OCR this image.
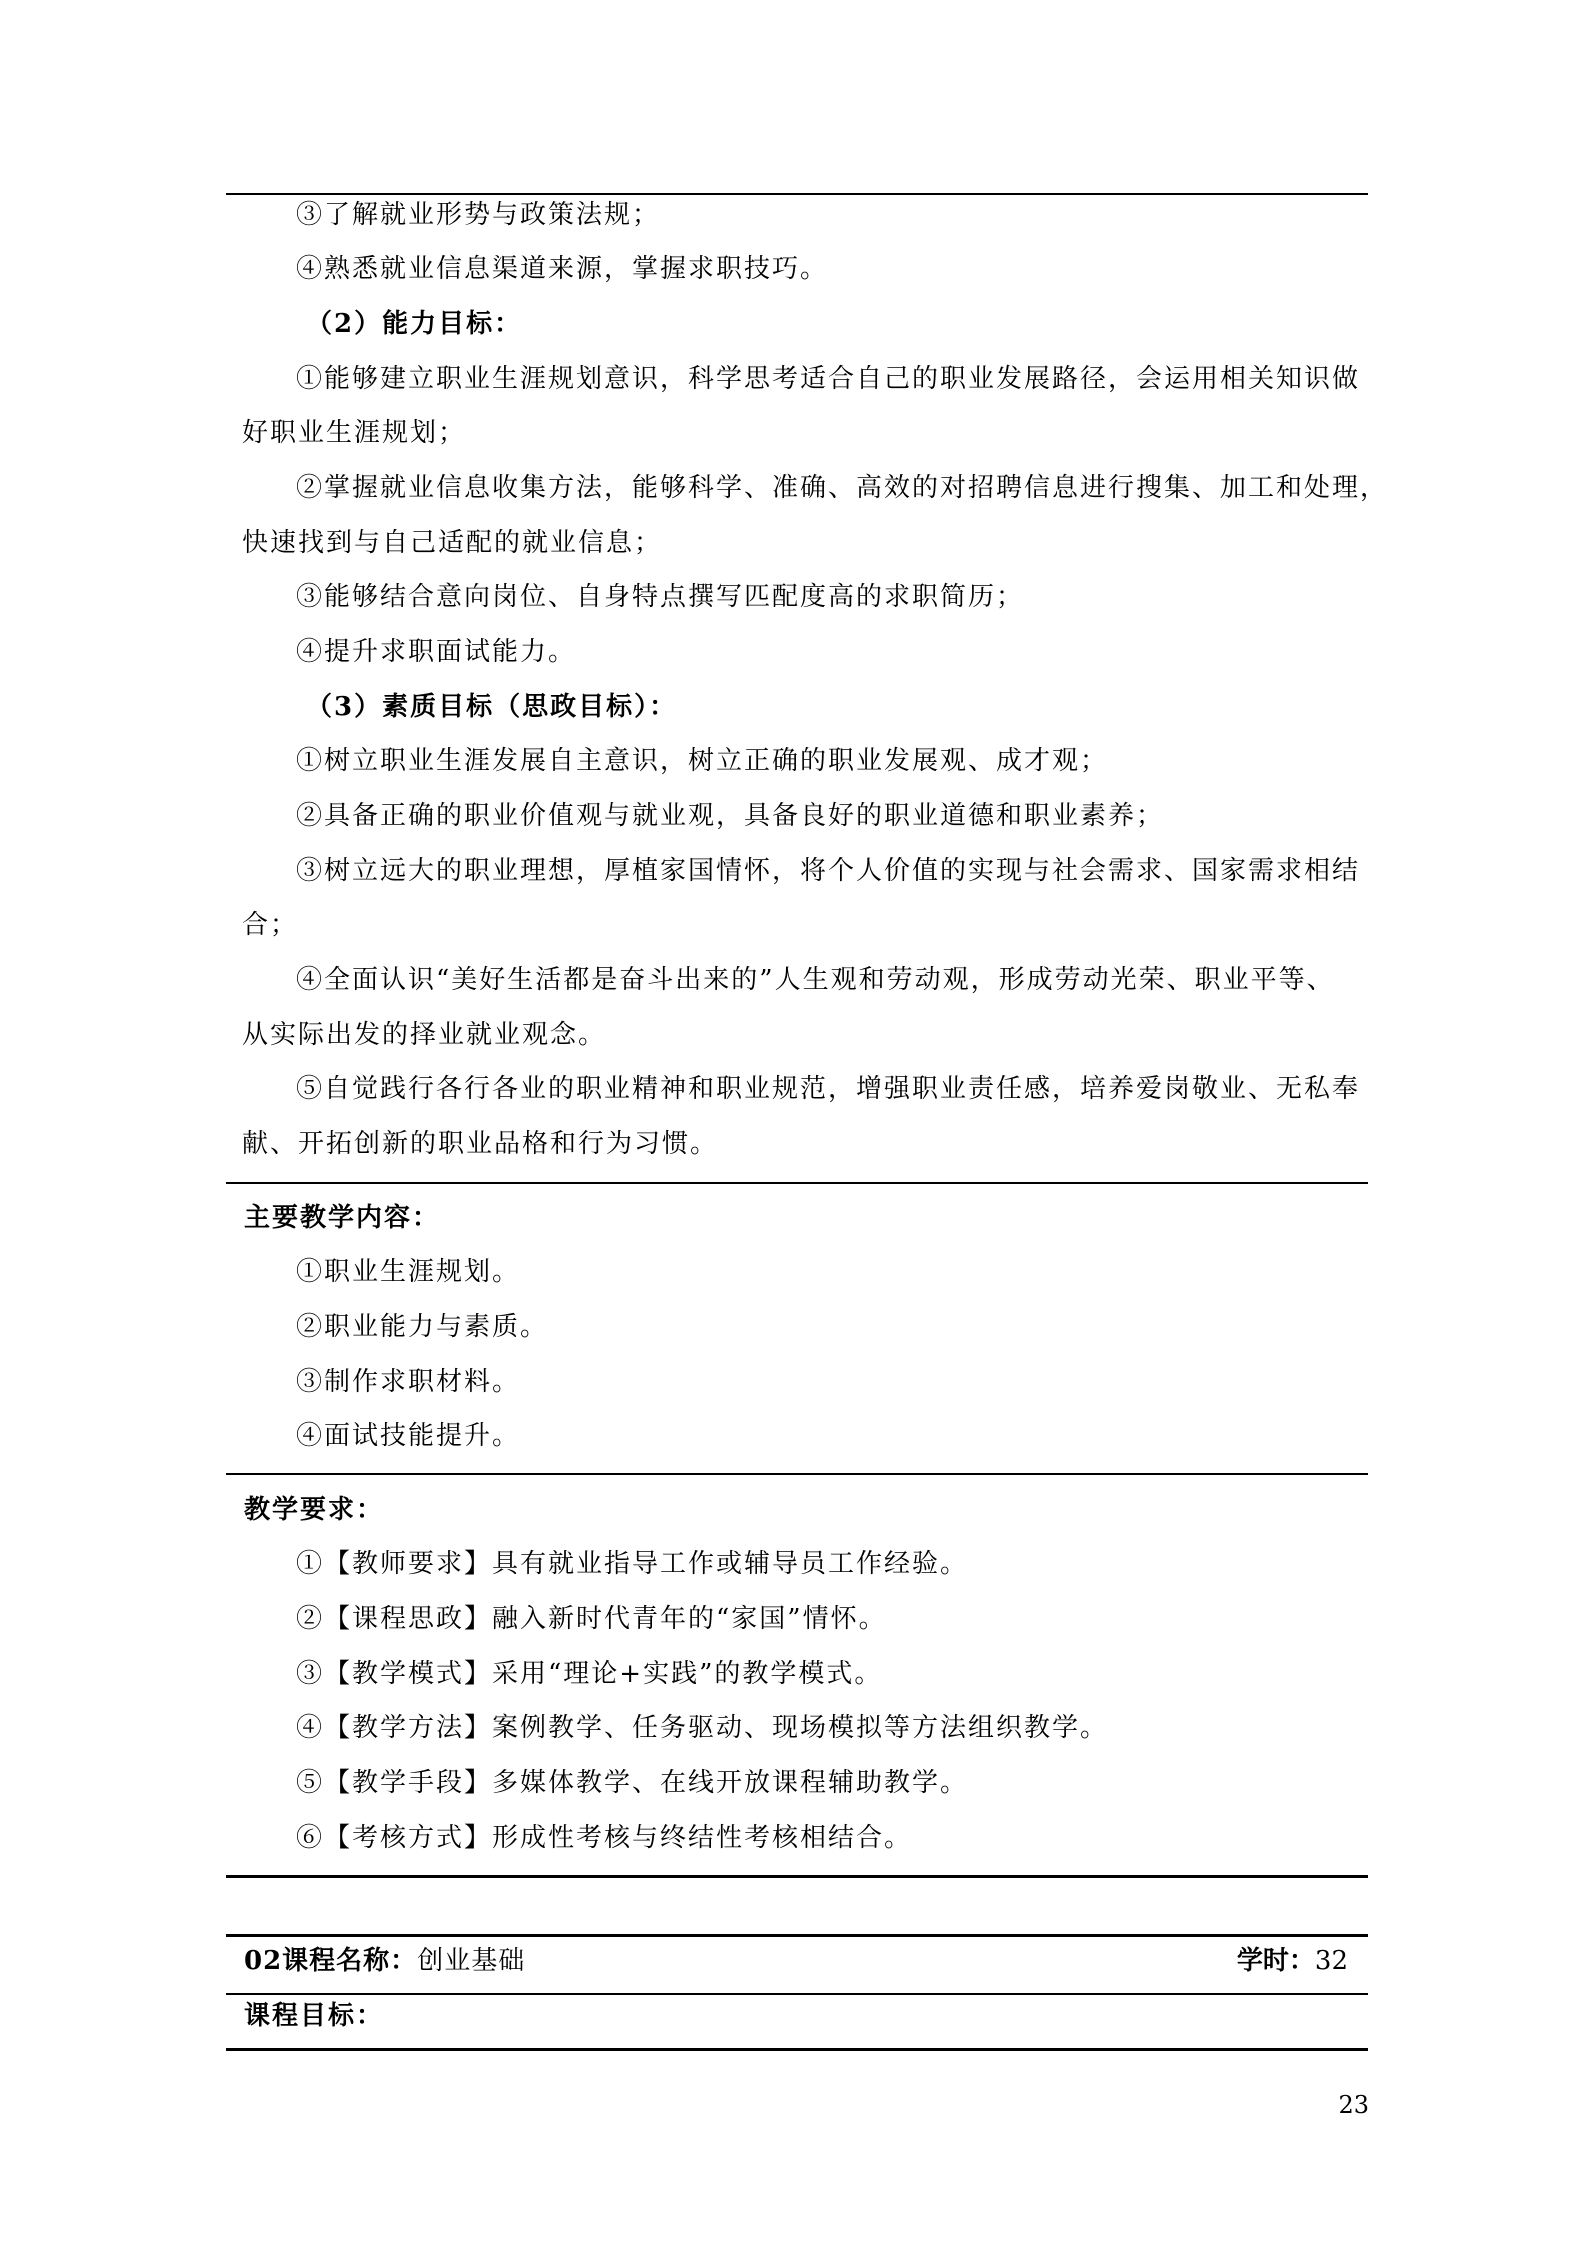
③了解就业形势与政策法规；
④熟悉就业信息渠道来源，掌握求职技巧。
（2）能力目标：
①能够建立职业生涯规划意识，科学思考适合自己的职业发展路径，会运用相关知识做
好职业生涯规划；
②掌握就业信息收集方法，能够科学、准确、高效的对招聘信息进行搜集、加工和处理，
快速找到与自己适配的就业信息；
③能够结合意向岗位、自身特点撰写匹配度高的求职简历；
④提升求职面试能力。
（3）素质目标（思政目标）：
①树立职业生涯发展自主意识，树立正确的职业发展观、成才观；
②具备正确的职业价值观与就业观，具备良好的职业道德和职业素养；
③树立远大的职业理想，厚植家国情怀，将个人价值的实现与社会需求、国家需求相结
合；
④全面认识“美好生活都是奋斗出来的”人生观和劳动观，形成劳动光荣、职业平等、
从实际出发的择业就业观念。
⑤自觉践行各行各业的职业精神和职业规范，增强职业责任感，培养爱岗敬业、无私奉
献、开拓创新的职业品格和行为习惯。
主要教学内容：
①职业生涯规划。
②职业能力与素质。
③制作求职材料。
④面试技能提升。
教学要求：
①【教师要求】具有就业指导工作或辅导员工作经验。
②【课程思政】融入新时代青年的“家国”情怀。
③【教学模式】采用“理论+实践”的教学模式。
④【教学方法】案例教学、任务驱动、现场模拟等方法组织教学。
⑤【教学手段】多媒体教学、在线开放课程辅助教学。
⑥【考核方式】形成性考核与终结性考核相结合。
02课程名称：创业基础	学时：32
课程目标：
23
